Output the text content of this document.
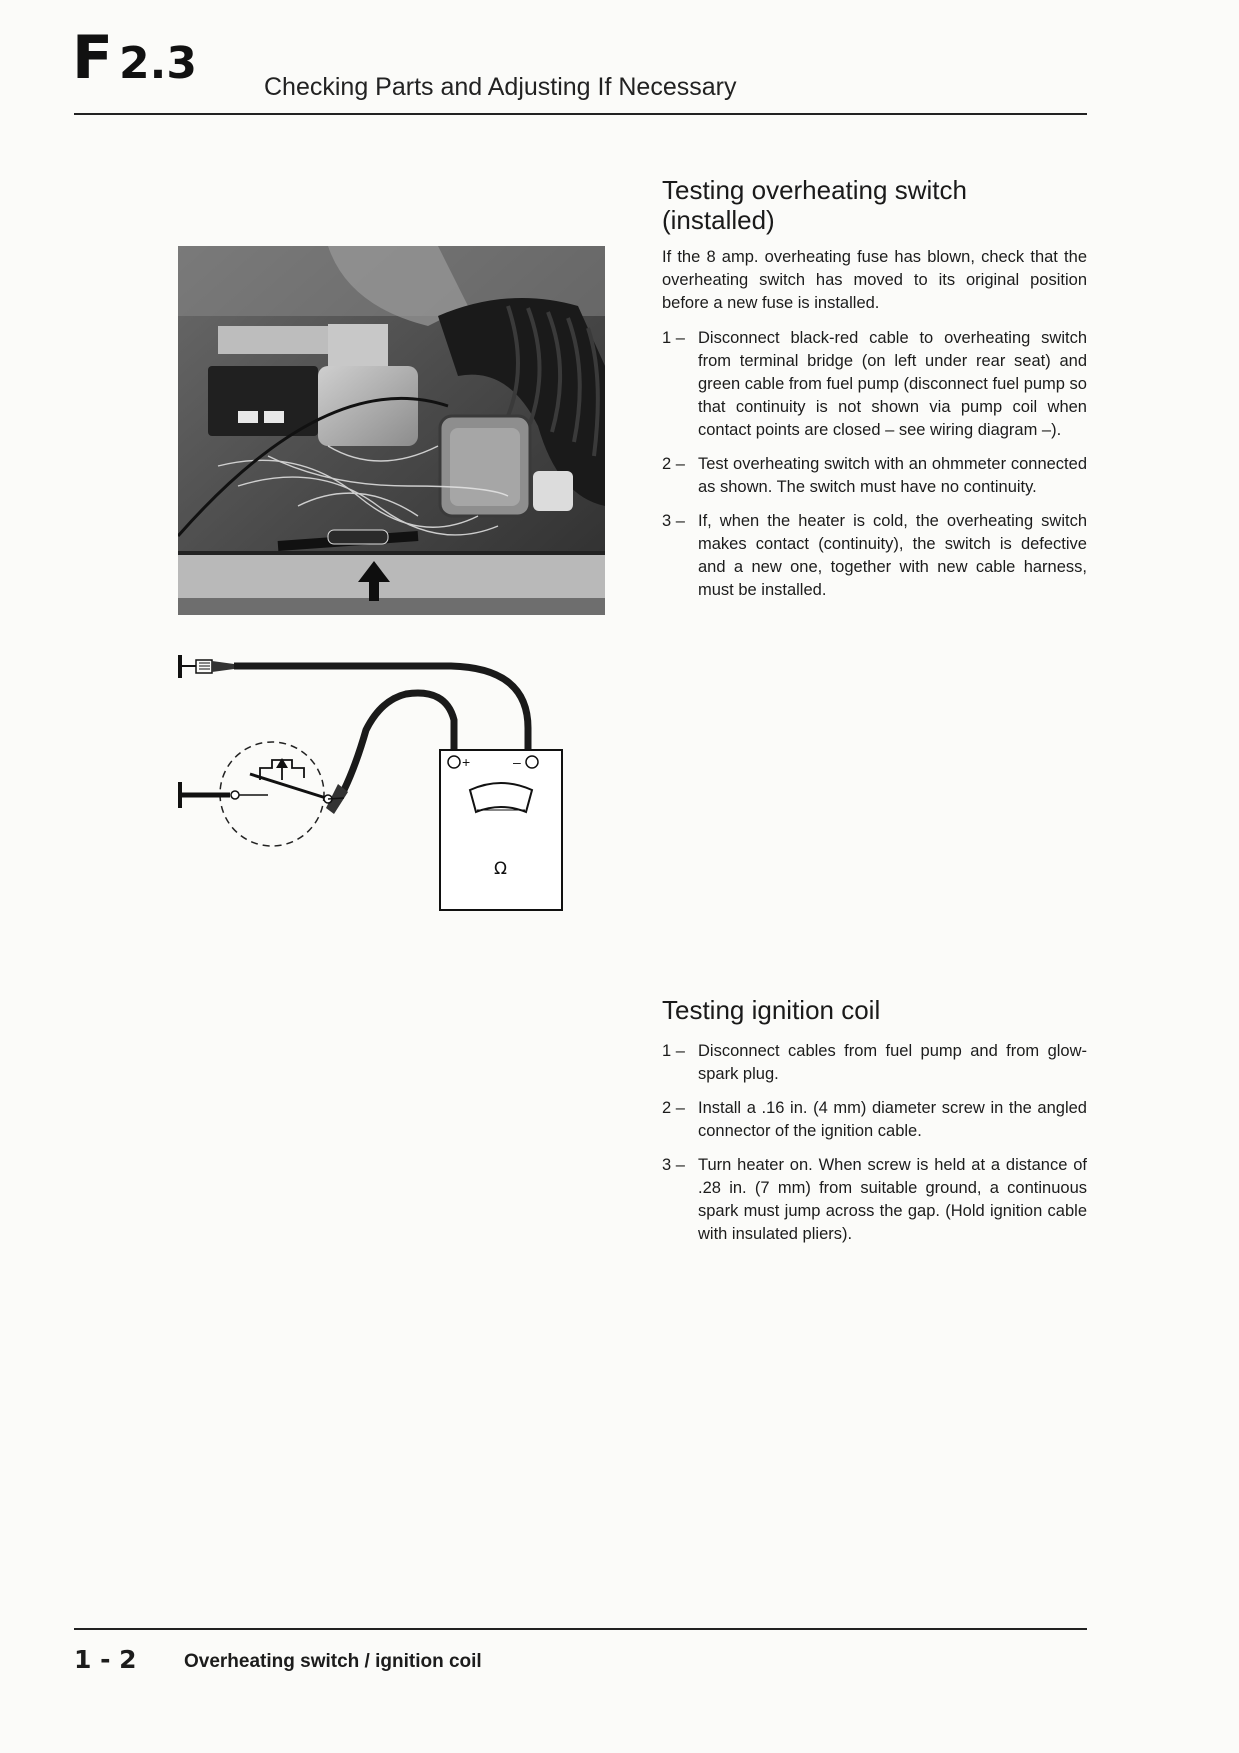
F 2.3	Checking Parts and Adjusting If Necessary
+	–
Ω
Testing overheating switch
(installed)

If the 8 amp. overheating fuse has blown, check that the overheating switch has moved to its original position before a new fuse is installed.

1 – Disconnect black-red cable to overheating switch from terminal bridge (on left under rear seat) and green cable from fuel pump (disconnect fuel pump so that continuity is not shown via pump coil when contact points are closed – see wiring diagram –).
2 – Test overheating switch with an ohmmeter connected as shown. The switch must have no continuity.
3 – If, when the heater is cold, the overheating switch makes contact (continuity), the switch is defective and a new one, together with new cable harness, must be installed.
Testing ignition coil
1 – Disconnect cables from fuel pump and from glow-spark plug.
2 – Install a .16 in. (4 mm) diameter screw in the angled connector of the ignition cable.
3 – Turn heater on. When screw is held at a distance of .28 in. (7 mm) from suitable ground, a continuous spark must jump across the gap. (Hold ignition cable with insulated pliers).
1 - 2 Overheating switch / ignition coil
